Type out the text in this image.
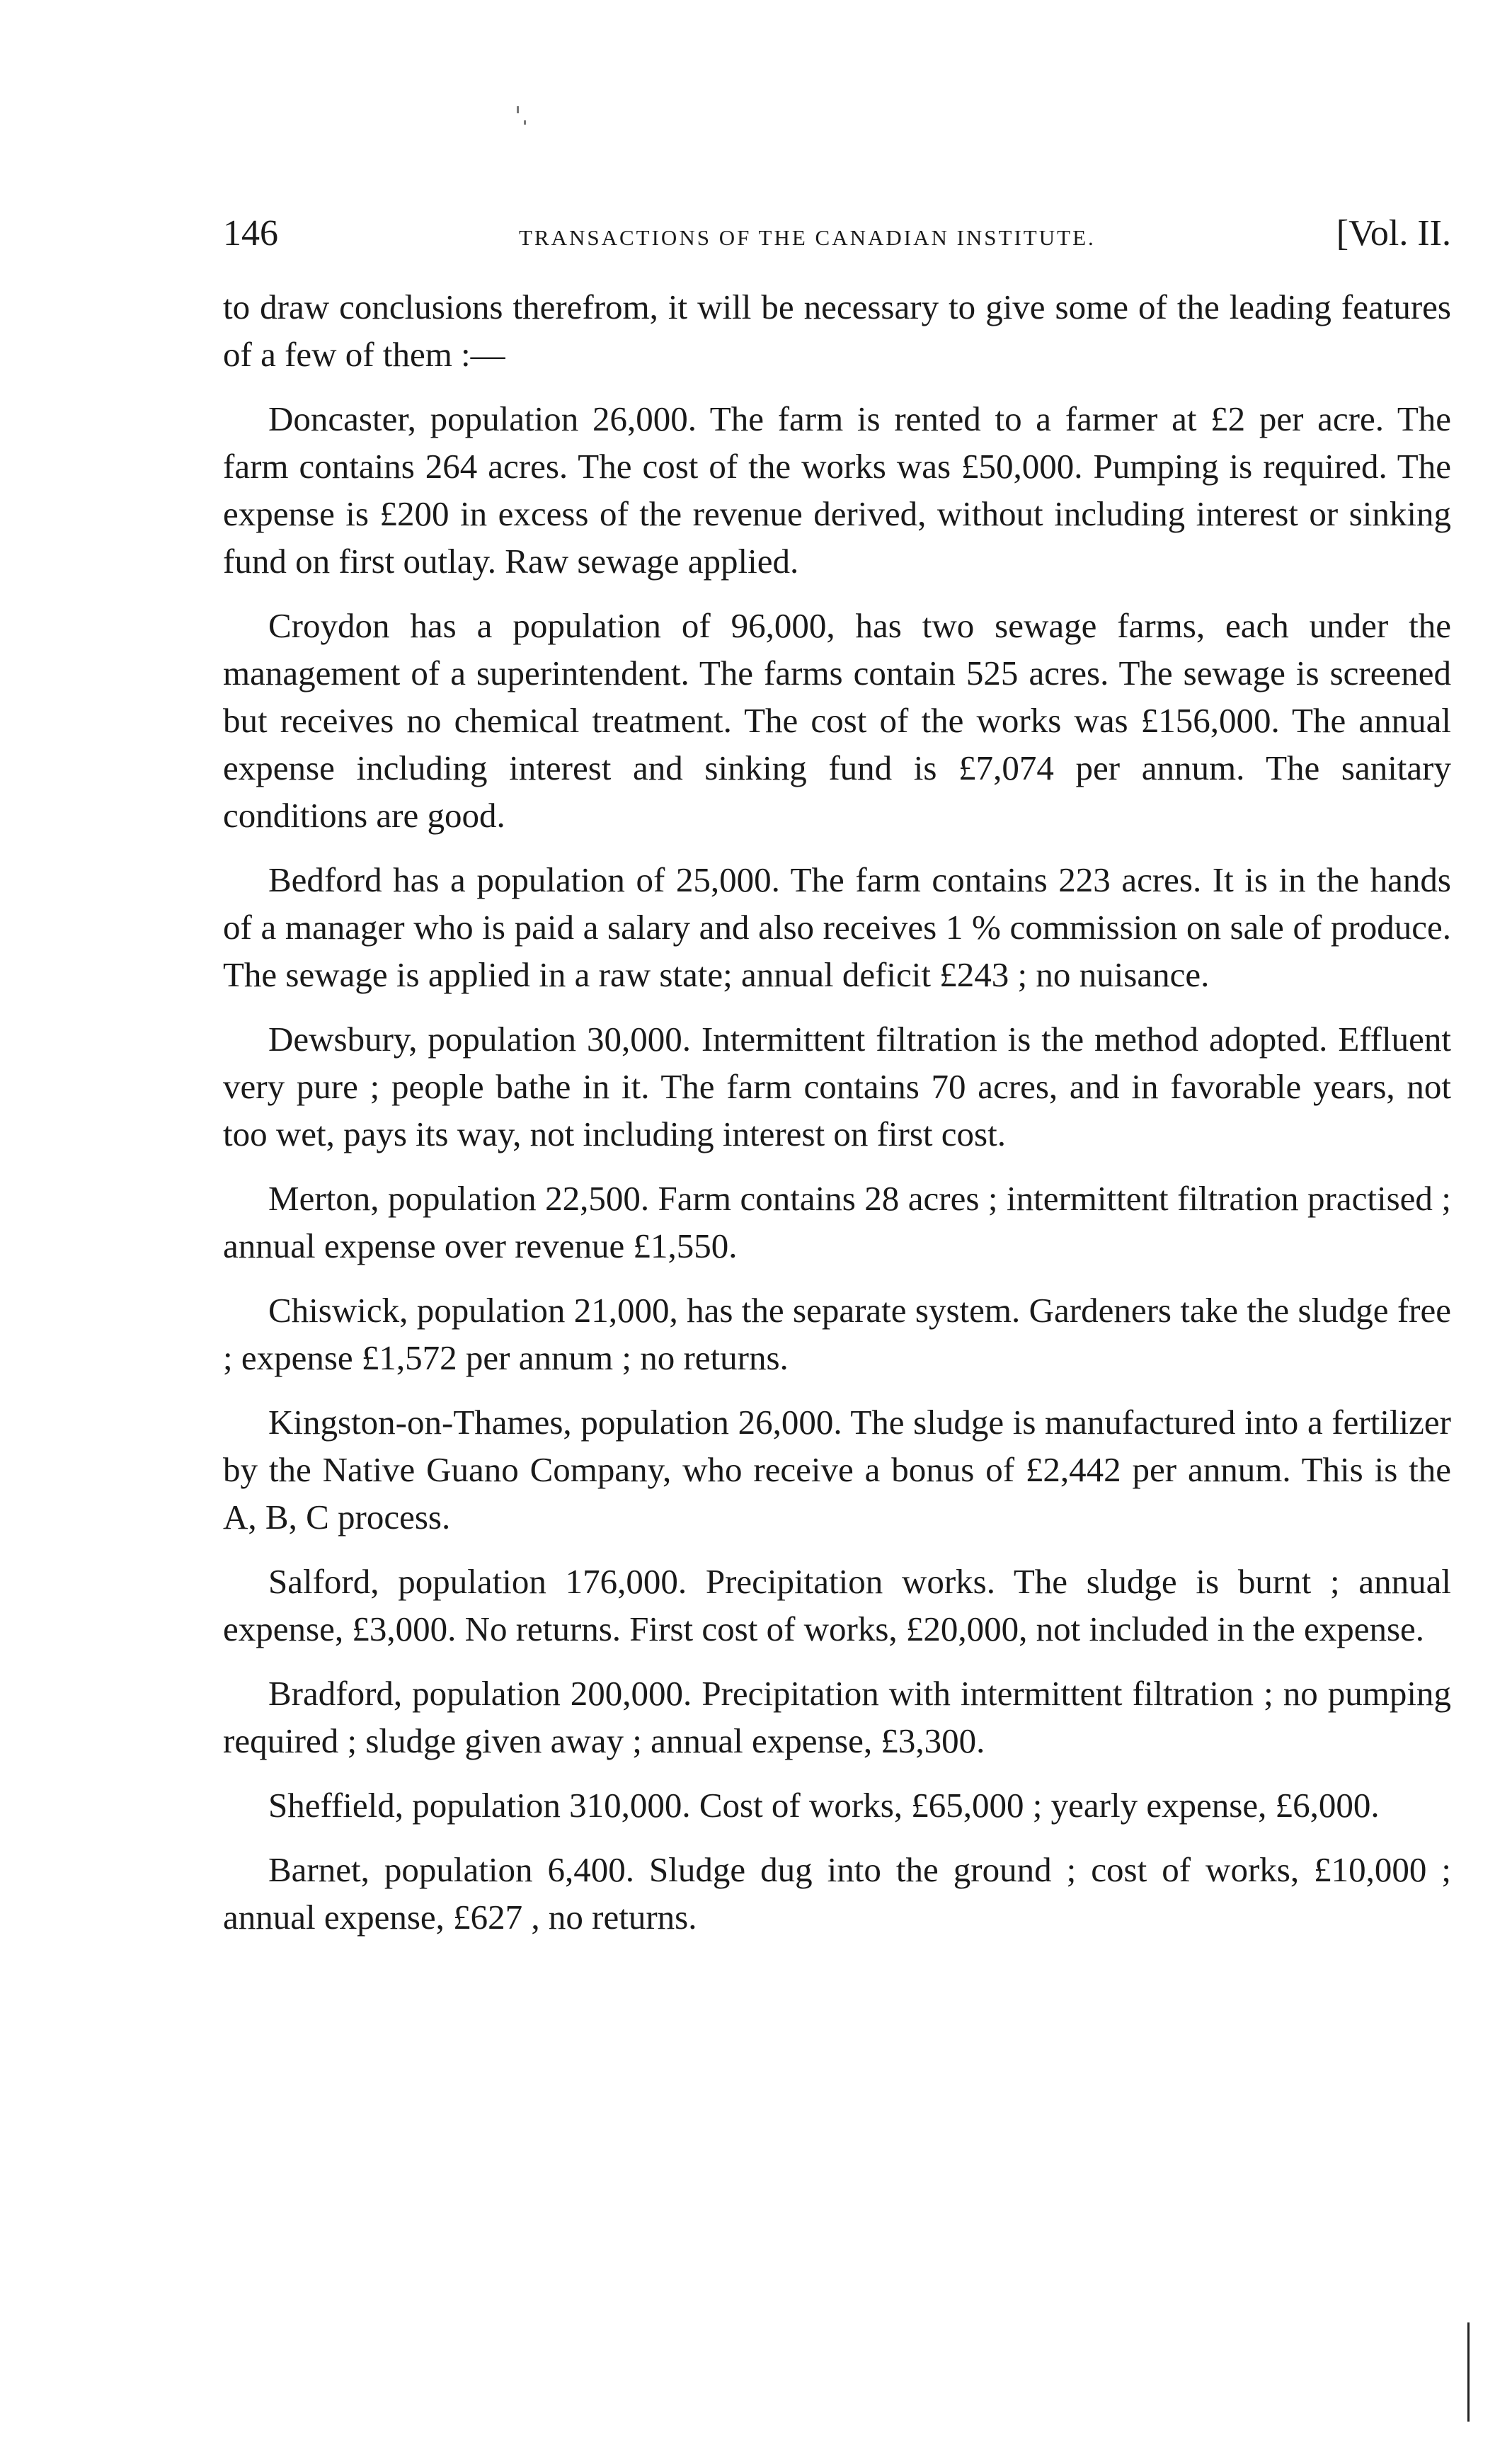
146	TRANSACTIONS OF THE CANADIAN INSTITUTE.	[Vol. II.

to draw conclusions therefrom, it will be necessary to give some of the leading features of a few of them :—

Doncaster, population 26,000. The farm is rented to a farmer at £2 per acre. The farm contains 264 acres. The cost of the works was £50,000. Pumping is required. The expense is £200 in excess of the revenue derived, without including interest or sinking fund on first outlay. Raw sewage applied.

Croydon has a population of 96,000, has two sewage farms, each under the management of a superintendent. The farms contain 525 acres. The sewage is screened but receives no chemical treatment. The cost of the works was £156,000. The annual expense including interest and sinking fund is £7,074 per annum. The sanitary conditions are good.

Bedford has a population of 25,000. The farm contains 223 acres. It is in the hands of a manager who is paid a salary and also receives 1 % commission on sale of produce. The sewage is applied in a raw state; annual deficit £243 ; no nuisance.

Dewsbury, population 30,000. Intermittent filtration is the method adopted. Effluent very pure ; people bathe in it. The farm contains 70 acres, and in favorable years, not too wet, pays its way, not including interest on first cost.

Merton, population 22,500. Farm contains 28 acres ; intermittent filtration practised ; annual expense over revenue £1,550.

Chiswick, population 21,000, has the separate system. Gardeners take the sludge free ; expense £1,572 per annum ; no returns.

Kingston-on-Thames, population 26,000. The sludge is manufactured into a fertilizer by the Native Guano Company, who receive a bonus of £2,442 per annum. This is the A, B, C process.

Salford, population 176,000. Precipitation works. The sludge is burnt ; annual expense, £3,000. No returns. First cost of works, £20,000, not included in the expense.

Bradford, population 200,000. Precipitation with intermittent filtration ; no pumping required ; sludge given away ; annual expense, £3,300.

Sheffield, population 310,000. Cost of works, £65,000 ; yearly expense, £6,000.

Barnet, population 6,400. Sludge dug into the ground ; cost of works, £10,000 ; annual expense, £627 , no returns.
